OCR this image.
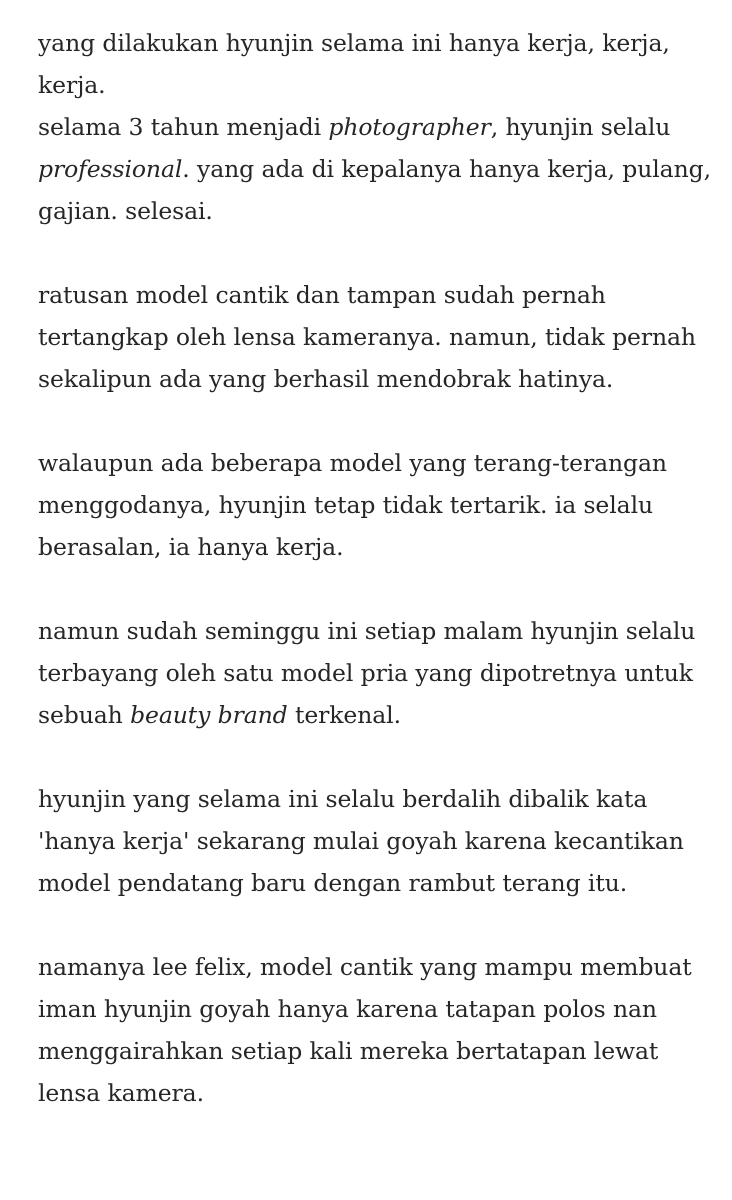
yang dilakukan hyunjin selama ini hanya kerja, kerja,
kerja.
selama 3 tahun menjadi photographer, hyunjin selalu
professional. yang ada di kepalanya hanya kerja, pulang,
gajian. selesai.
ratusan model cantik dan tampan sudah pernah
tertangkap oleh lensa kameranya. namun, tidak pernah
sekalipun ada yang berhasil mendobrak hatinya.
walaupun ada beberapa model yang terang-terangan
menggodanya, hyunjin tetap tidak tertarik. ia selalu
berasalan, ia hanya kerja.
namun sudah seminggu ini setiap malam hyunjin selalu
terbayang oleh satu model pria yang dipotretnya untuk
sebuah beauty brand terkenal.
hyunjin yang selama ini selalu berdalih dibalik kata
'hanya kerja' sekarang mulai goyah karena kecantikan
model pendatang baru dengan rambut terang itu.
namanya lee felix, model cantik yang mampu membuat
iman hyunjin goyah hanya karena tatapan polos nan
menggairahkan setiap kali mereka bertatapan lewat
lensa kamera.
